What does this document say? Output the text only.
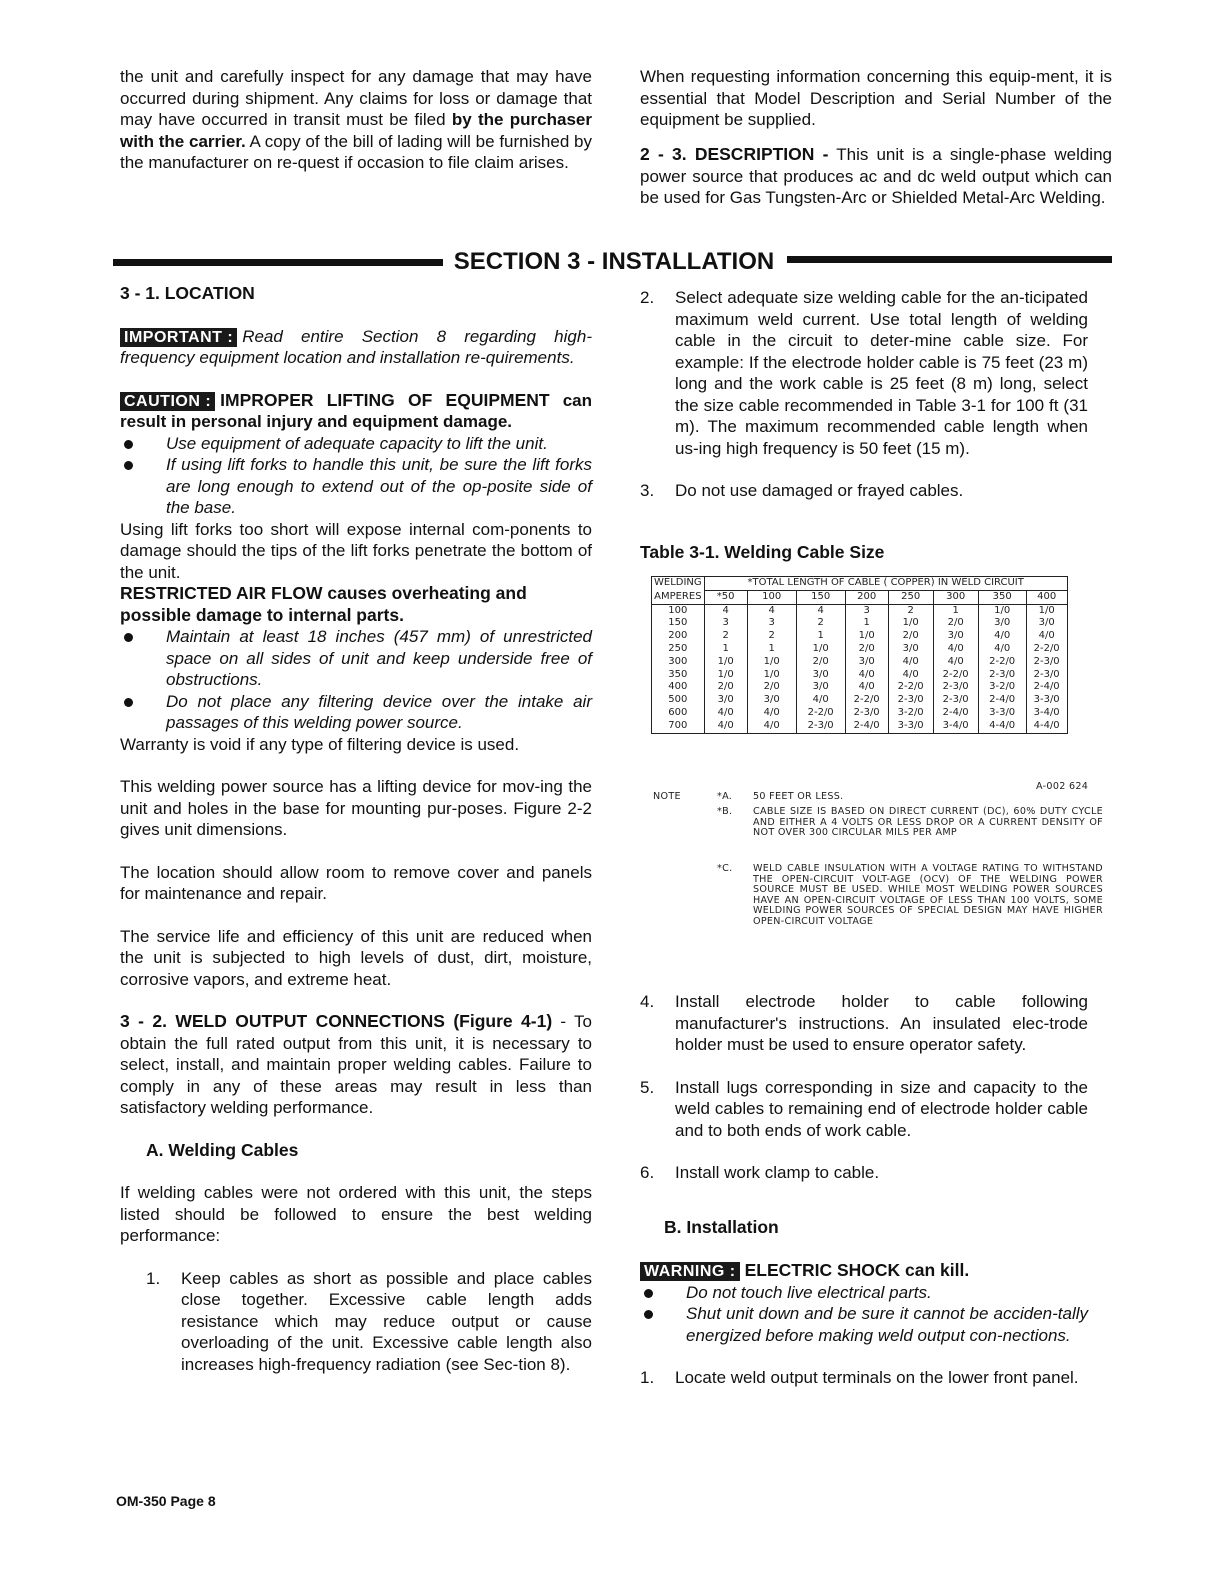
the unit and carefully inspect for any damage that may have occurred during shipment. Any claims for loss or damage that may have occurred in transit must be filed by the purchaser with the carrier. A copy of the bill of lading will be furnished by the manufacturer on re-quest if occasion to file claim arises.
When requesting information concerning this equip-ment, it is essential that Model Description and Serial Number of the equipment be supplied.
2 - 3. DESCRIPTION - This unit is a single-phase welding power source that produces ac and dc weld output which can be used for Gas Tungsten-Arc or Shielded Metal-Arc Welding.
SECTION 3 - INSTALLATION

3 - 1. LOCATION

IMPORTANT : Read entire Section 8 regarding high-frequency equipment location and installation re-quirements.

CAUTION : IMPROPER LIFTING OF EQUIPMENT can result in personal injury and equipment damage.

Use equipment of adequate capacity to lift the unit.
If using lift forks to handle this unit, be sure the lift forks are long enough to extend out of the op-posite side of the base.

Using lift forks too short will expose internal com-ponents to damage should the tips of the lift forks penetrate the bottom of the unit.

RESTRICTED AIR FLOW causes overheating and possible damage to internal parts.

Maintain at least 18 inches (457 mm) of unrestricted space on all sides of unit and keep underside free of obstructions.
Do not place any filtering device over the intake air passages of this welding power source.

Warranty is void if any type of filtering device is used.

This welding power source has a lifting device for mov-ing the unit and holes in the base for mounting pur-poses. Figure 2-2 gives unit dimensions.

The location should allow room to remove cover and panels for maintenance and repair.

The service life and efficiency of this unit are reduced when the unit is subjected to high levels of dust, dirt, moisture, corrosive vapors, and extreme heat.

3 - 2. WELD OUTPUT CONNECTIONS (Figure 4-1) - To obtain the full rated output from this unit, it is necessary to select, install, and maintain proper welding cables. Failure to comply in any of these areas may result in less than satisfactory welding performance.

A. Welding Cables

If welding cables were not ordered with this unit, the steps listed should be followed to ensure the best welding performance:

1. Keep cables as short as possible and place cables close together. Excessive cable length adds resistance which may reduce output or cause overloading of the unit. Excessive cable length also increases high-frequency radiation (see Sec-tion 8).
2. Select adequate size welding cable for the an-ticipated maximum weld current. Use total length of welding cable in the circuit to deter-mine cable size. For example: If the electrode holder cable is 75 feet (23 m) long and the work cable is 25 feet (8 m) long, select the size cable recommended in Table 3-1 for 100 ft (31 m). The maximum recommended cable length when us-ing high frequency is 50 feet (15 m).
3. Do not use damaged or frayed cables.
Table 3-1. Welding Cable Size
WELDING	*TOTAL LENGTH OF CABLE ( COPPER) IN WELD CIRCUIT							
AMPERES	*50	100	150	200	250	300	350	400
100	4	4	4	3	2	1	1/0	1/0
150	3	3	2	1	1/0	2/0	3/0	3/0
200	2	2	1	1/0	2/0	3/0	4/0	4/0
250	1	1	1/0	2/0	3/0	4/0	4/0	2-2/0
300	1/0	1/0	2/0	3/0	4/0	4/0	2-2/0	2-3/0
350	1/0	1/0	3/0	4/0	4/0	2-2/0	2-3/0	2-3/0
400	2/0	2/0	3/0	4/0	2-2/0	2-3/0	3-2/0	2-4/0
500	3/0	3/0	4/0	2-2/0	2-3/0	2-3/0	2-4/0	3-3/0
600	4/0	4/0	2-2/0	2-3/0	3-2/0	2-4/0	3-3/0	3-4/0
700	4/0	4/0	2-3/0	2-4/0	3-3/0	3-4/0	4-4/0	4-4/0
A-002 624
NOTE	*A.	50 FEET OR LESS.
*B.	CABLE SIZE IS BASED ON DIRECT CURRENT (DC), 60% DUTY CYCLE AND EITHER A 4 VOLTS OR LESS DROP OR A CURRENT DENSITY OF NOT OVER 300 CIRCULAR MILS PER AMP
*C.	WELD CABLE INSULATION WITH A VOLTAGE RATING TO WITHSTAND THE OPEN-CIRCUIT VOLT-AGE (OCV) OF THE WELDING POWER SOURCE MUST BE USED. WHILE MOST WELDING POWER SOURCES HAVE AN OPEN-CIRCUIT VOLTAGE OF LESS THAN 100 VOLTS, SOME WELDING POWER SOURCES OF SPECIAL DESIGN MAY HAVE HIGHER OPEN-CIRCUIT VOLTAGE
4. Install electrode holder to cable following manufacturer's instructions. An insulated elec-trode holder must be used to ensure operator safety.
5. Install lugs corresponding in size and capacity to the weld cables to remaining end of electrode holder cable and to both ends of work cable.
6. Install work clamp to cable.

B. Installation

WARNING : ELECTRIC SHOCK can kill.

Do not touch live electrical parts.
Shut unit down and be sure it cannot be acciden-tally energized before making weld output con-nections.
1. Locate weld output terminals on the lower front panel.
OM-350 Page 8
